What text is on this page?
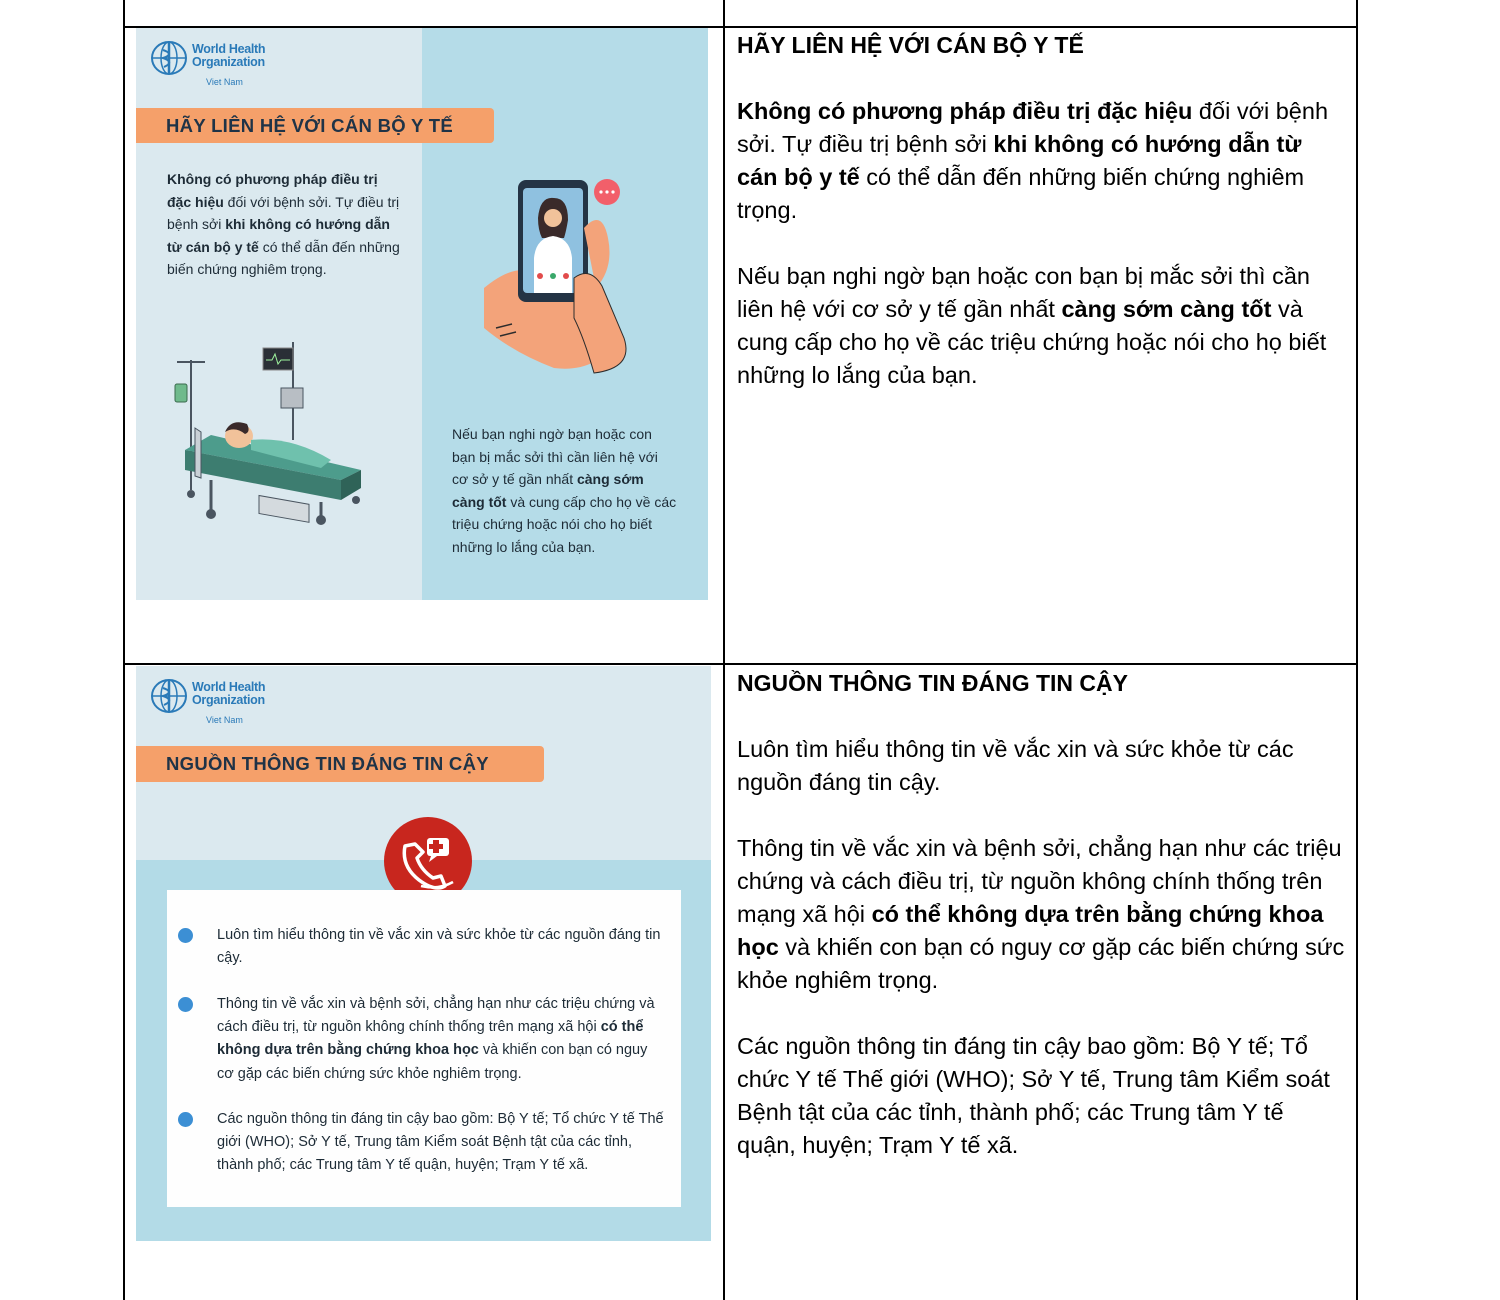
World Health Organization
Viet Nam
HÃY LIÊN HỆ VỚI CÁN BỘ Y TẾ
Không có phương pháp điều trị đặc hiệu đối với bệnh sởi. Tự điều trị bệnh sởi khi không có hướng dẫn từ cán bộ y tế có thể dẫn đến những biến chứng nghiêm trọng.
Nếu bạn nghi ngờ bạn hoặc con bạn bị mắc sởi thì cần liên hệ với cơ sở y tế gần nhất càng sớm càng tốt và cung cấp cho họ về các triệu chứng hoặc nói cho họ biết những lo lắng của bạn.
World Health Organization
Viet Nam
NGUỒN THÔNG TIN ĐÁNG TIN CẬY
Luôn tìm hiểu thông tin về vắc xin và sức khỏe từ các nguồn đáng tin cậy.
Thông tin về vắc xin và bệnh sởi, chẳng hạn như các triệu chứng và cách điều trị, từ nguồn không chính thống trên mạng xã hội có thể không dựa trên bằng chứng khoa học và khiến con bạn có nguy cơ gặp các biến chứng sức khỏe nghiêm trọng.
Các nguồn thông tin đáng tin cậy bao gồm: Bộ Y tế; Tổ chức Y tế Thế giới (WHO); Sở Y tế, Trung tâm Kiểm soát Bệnh tật của các tỉnh, thành phố; các Trung tâm Y tế quận, huyện; Trạm Y tế xã.

HÃY LIÊN HỆ VỚI CÁN BỘ Y TẾ

Không có phương pháp điều trị đặc hiệu đối với bệnh sởi. Tự điều trị bệnh sởi khi không có hướng dẫn từ cán bộ y tế có thể dẫn đến những biến chứng nghiêm trọng.

Nếu bạn nghi ngờ bạn hoặc con bạn bị mắc sởi thì cần liên hệ với cơ sở y tế gần nhất càng sớm càng tốt và cung cấp cho họ về các triệu chứng hoặc nói cho họ biết những lo lắng của bạn.

NGUỒN THÔNG TIN ĐÁNG TIN CẬY

Luôn tìm hiểu thông tin về vắc xin và sức khỏe từ các nguồn đáng tin cậy.

Thông tin về vắc xin và bệnh sởi, chẳng hạn như các triệu chứng và cách điều trị, từ nguồn không chính thống trên mạng xã hội có thể không dựa trên bằng chứng khoa học và khiến con bạn có nguy cơ gặp các biến chứng sức khỏe nghiêm trọng.

Các nguồn thông tin đáng tin cậy bao gồm: Bộ Y tế; Tổ chức Y tế Thế giới (WHO); Sở Y tế, Trung tâm Kiểm soát Bệnh tật của các tỉnh, thành phố; các Trung tâm Y tế quận, huyện; Trạm Y tế xã.
